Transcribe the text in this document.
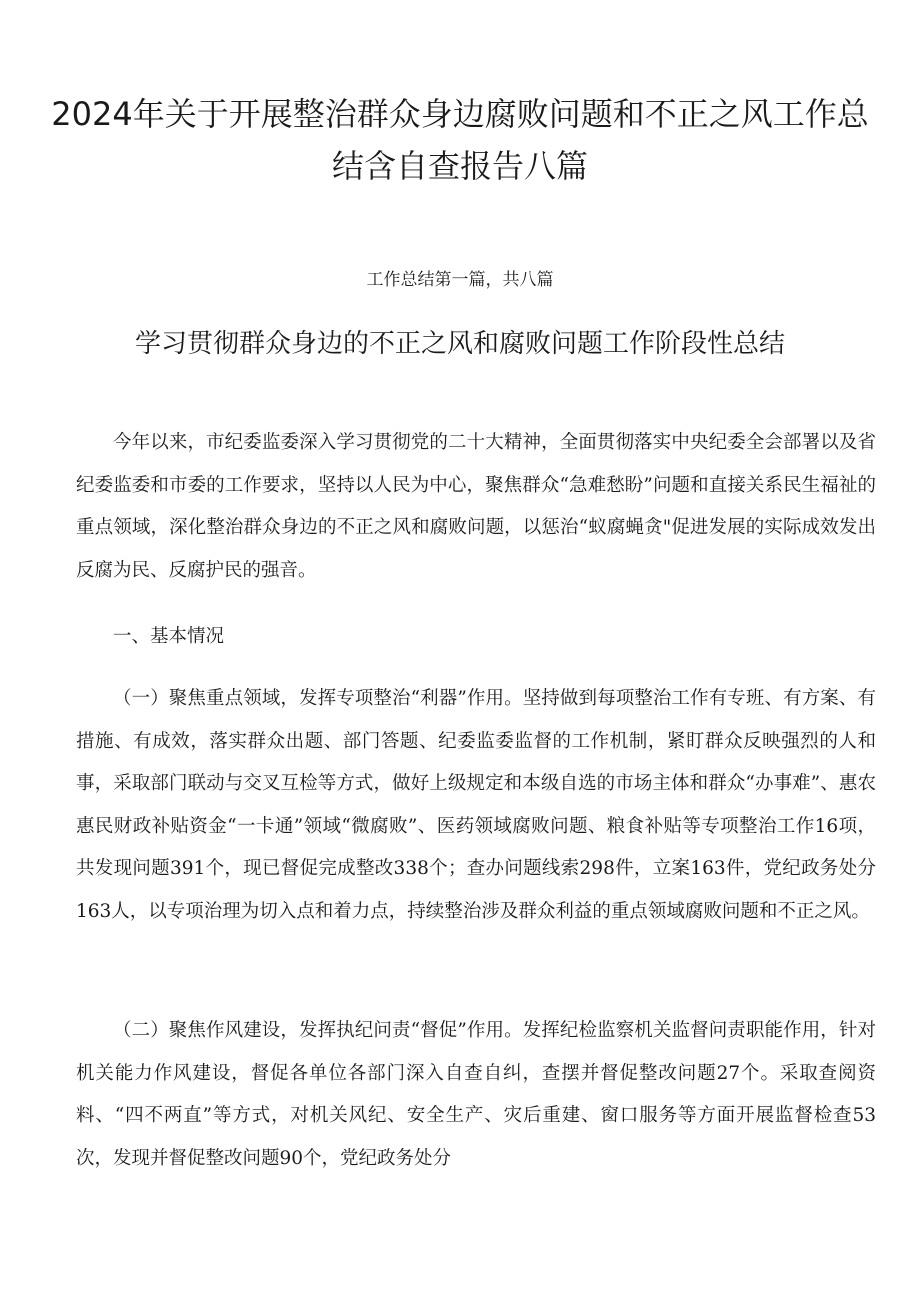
2024年关于开展整治群众身边腐败问题和不正之风工作总结含自查报告八篇

工作总结第一篇，共八篇

学习贯彻群众身边的不正之风和腐败问题工作阶段性总结

今年以来，市纪委监委深入学习贯彻党的二十大精神，全面贯彻落实中央纪委全会部署以及省纪委监委和市委的工作要求，坚持以人民为中心，聚焦群众“急难愁盼”问题和直接关系民生福祉的重点领域，深化整治群众身边的不正之风和腐败问题，以惩治“蚁腐蝇贪"促进发展的实际成效发出反腐为民、反腐护民的强音。

一、基本情况

（一）聚焦重点领域，发挥专项整治“利器”作用。坚持做到每项整治工作有专班、有方案、有措施、有成效，落实群众出题、部门答题、纪委监委监督的工作机制，紧盯群众反映强烈的人和事，采取部门联动与交叉互检等方式，做好上级规定和本级自选的市场主体和群众“办事难”、惠农惠民财政补贴资金“一卡通”领域“微腐败”、医药领域腐败问题、粮食补贴等专项整治工作16项，共发现问题391个，现已督促完成整改338个；查办问题线索298件，立案163件，党纪政务处分163人，以专项治理为切入点和着力点，持续整治涉及群众利益的重点领域腐败问题和不正之风。

（二）聚焦作风建设，发挥执纪问责“督促”作用。发挥纪检监察机关监督问责职能作用，针对机关能力作风建设，督促各单位各部门深入自查自纠，查摆并督促整改问题27个。采取查阅资料、“四不两直”等方式，对机关风纪、安全生产、灾后重建、窗口服务等方面开展监督检查53次，发现并督促整改问题90个，党纪政务处分
